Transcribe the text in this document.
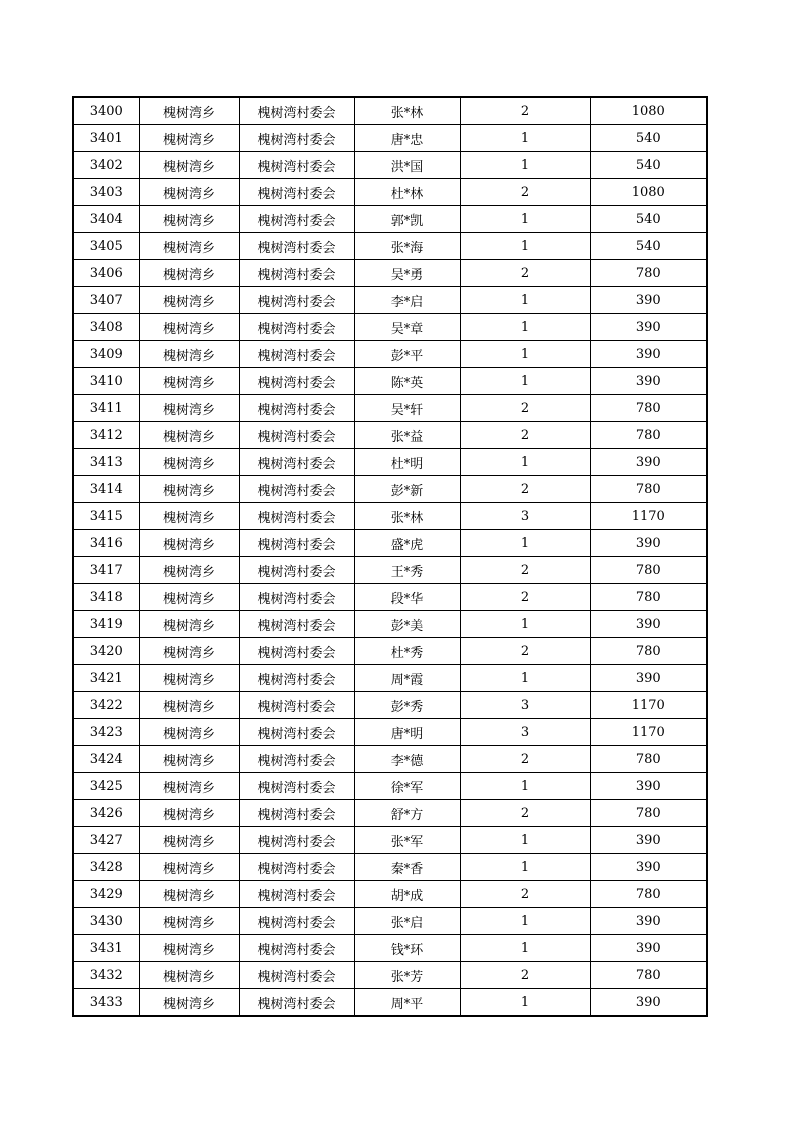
3400	槐树湾乡	槐树湾村委会	张*林	2	1080
3401	槐树湾乡	槐树湾村委会	唐*忠	1	540
3402	槐树湾乡	槐树湾村委会	洪*国	1	540
3403	槐树湾乡	槐树湾村委会	杜*林	2	1080
3404	槐树湾乡	槐树湾村委会	郭*凯	1	540
3405	槐树湾乡	槐树湾村委会	张*海	1	540
3406	槐树湾乡	槐树湾村委会	吴*勇	2	780
3407	槐树湾乡	槐树湾村委会	李*启	1	390
3408	槐树湾乡	槐树湾村委会	吴*章	1	390
3409	槐树湾乡	槐树湾村委会	彭*平	1	390
3410	槐树湾乡	槐树湾村委会	陈*英	1	390
3411	槐树湾乡	槐树湾村委会	吴*轩	2	780
3412	槐树湾乡	槐树湾村委会	张*益	2	780
3413	槐树湾乡	槐树湾村委会	杜*明	1	390
3414	槐树湾乡	槐树湾村委会	彭*新	2	780
3415	槐树湾乡	槐树湾村委会	张*林	3	1170
3416	槐树湾乡	槐树湾村委会	盛*虎	1	390
3417	槐树湾乡	槐树湾村委会	王*秀	2	780
3418	槐树湾乡	槐树湾村委会	段*华	2	780
3419	槐树湾乡	槐树湾村委会	彭*美	1	390
3420	槐树湾乡	槐树湾村委会	杜*秀	2	780
3421	槐树湾乡	槐树湾村委会	周*霞	1	390
3422	槐树湾乡	槐树湾村委会	彭*秀	3	1170
3423	槐树湾乡	槐树湾村委会	唐*明	3	1170
3424	槐树湾乡	槐树湾村委会	李*德	2	780
3425	槐树湾乡	槐树湾村委会	徐*军	1	390
3426	槐树湾乡	槐树湾村委会	舒*方	2	780
3427	槐树湾乡	槐树湾村委会	张*军	1	390
3428	槐树湾乡	槐树湾村委会	秦*香	1	390
3429	槐树湾乡	槐树湾村委会	胡*成	2	780
3430	槐树湾乡	槐树湾村委会	张*启	1	390
3431	槐树湾乡	槐树湾村委会	钱*环	1	390
3432	槐树湾乡	槐树湾村委会	张*芳	2	780
3433	槐树湾乡	槐树湾村委会	周*平	1	390
